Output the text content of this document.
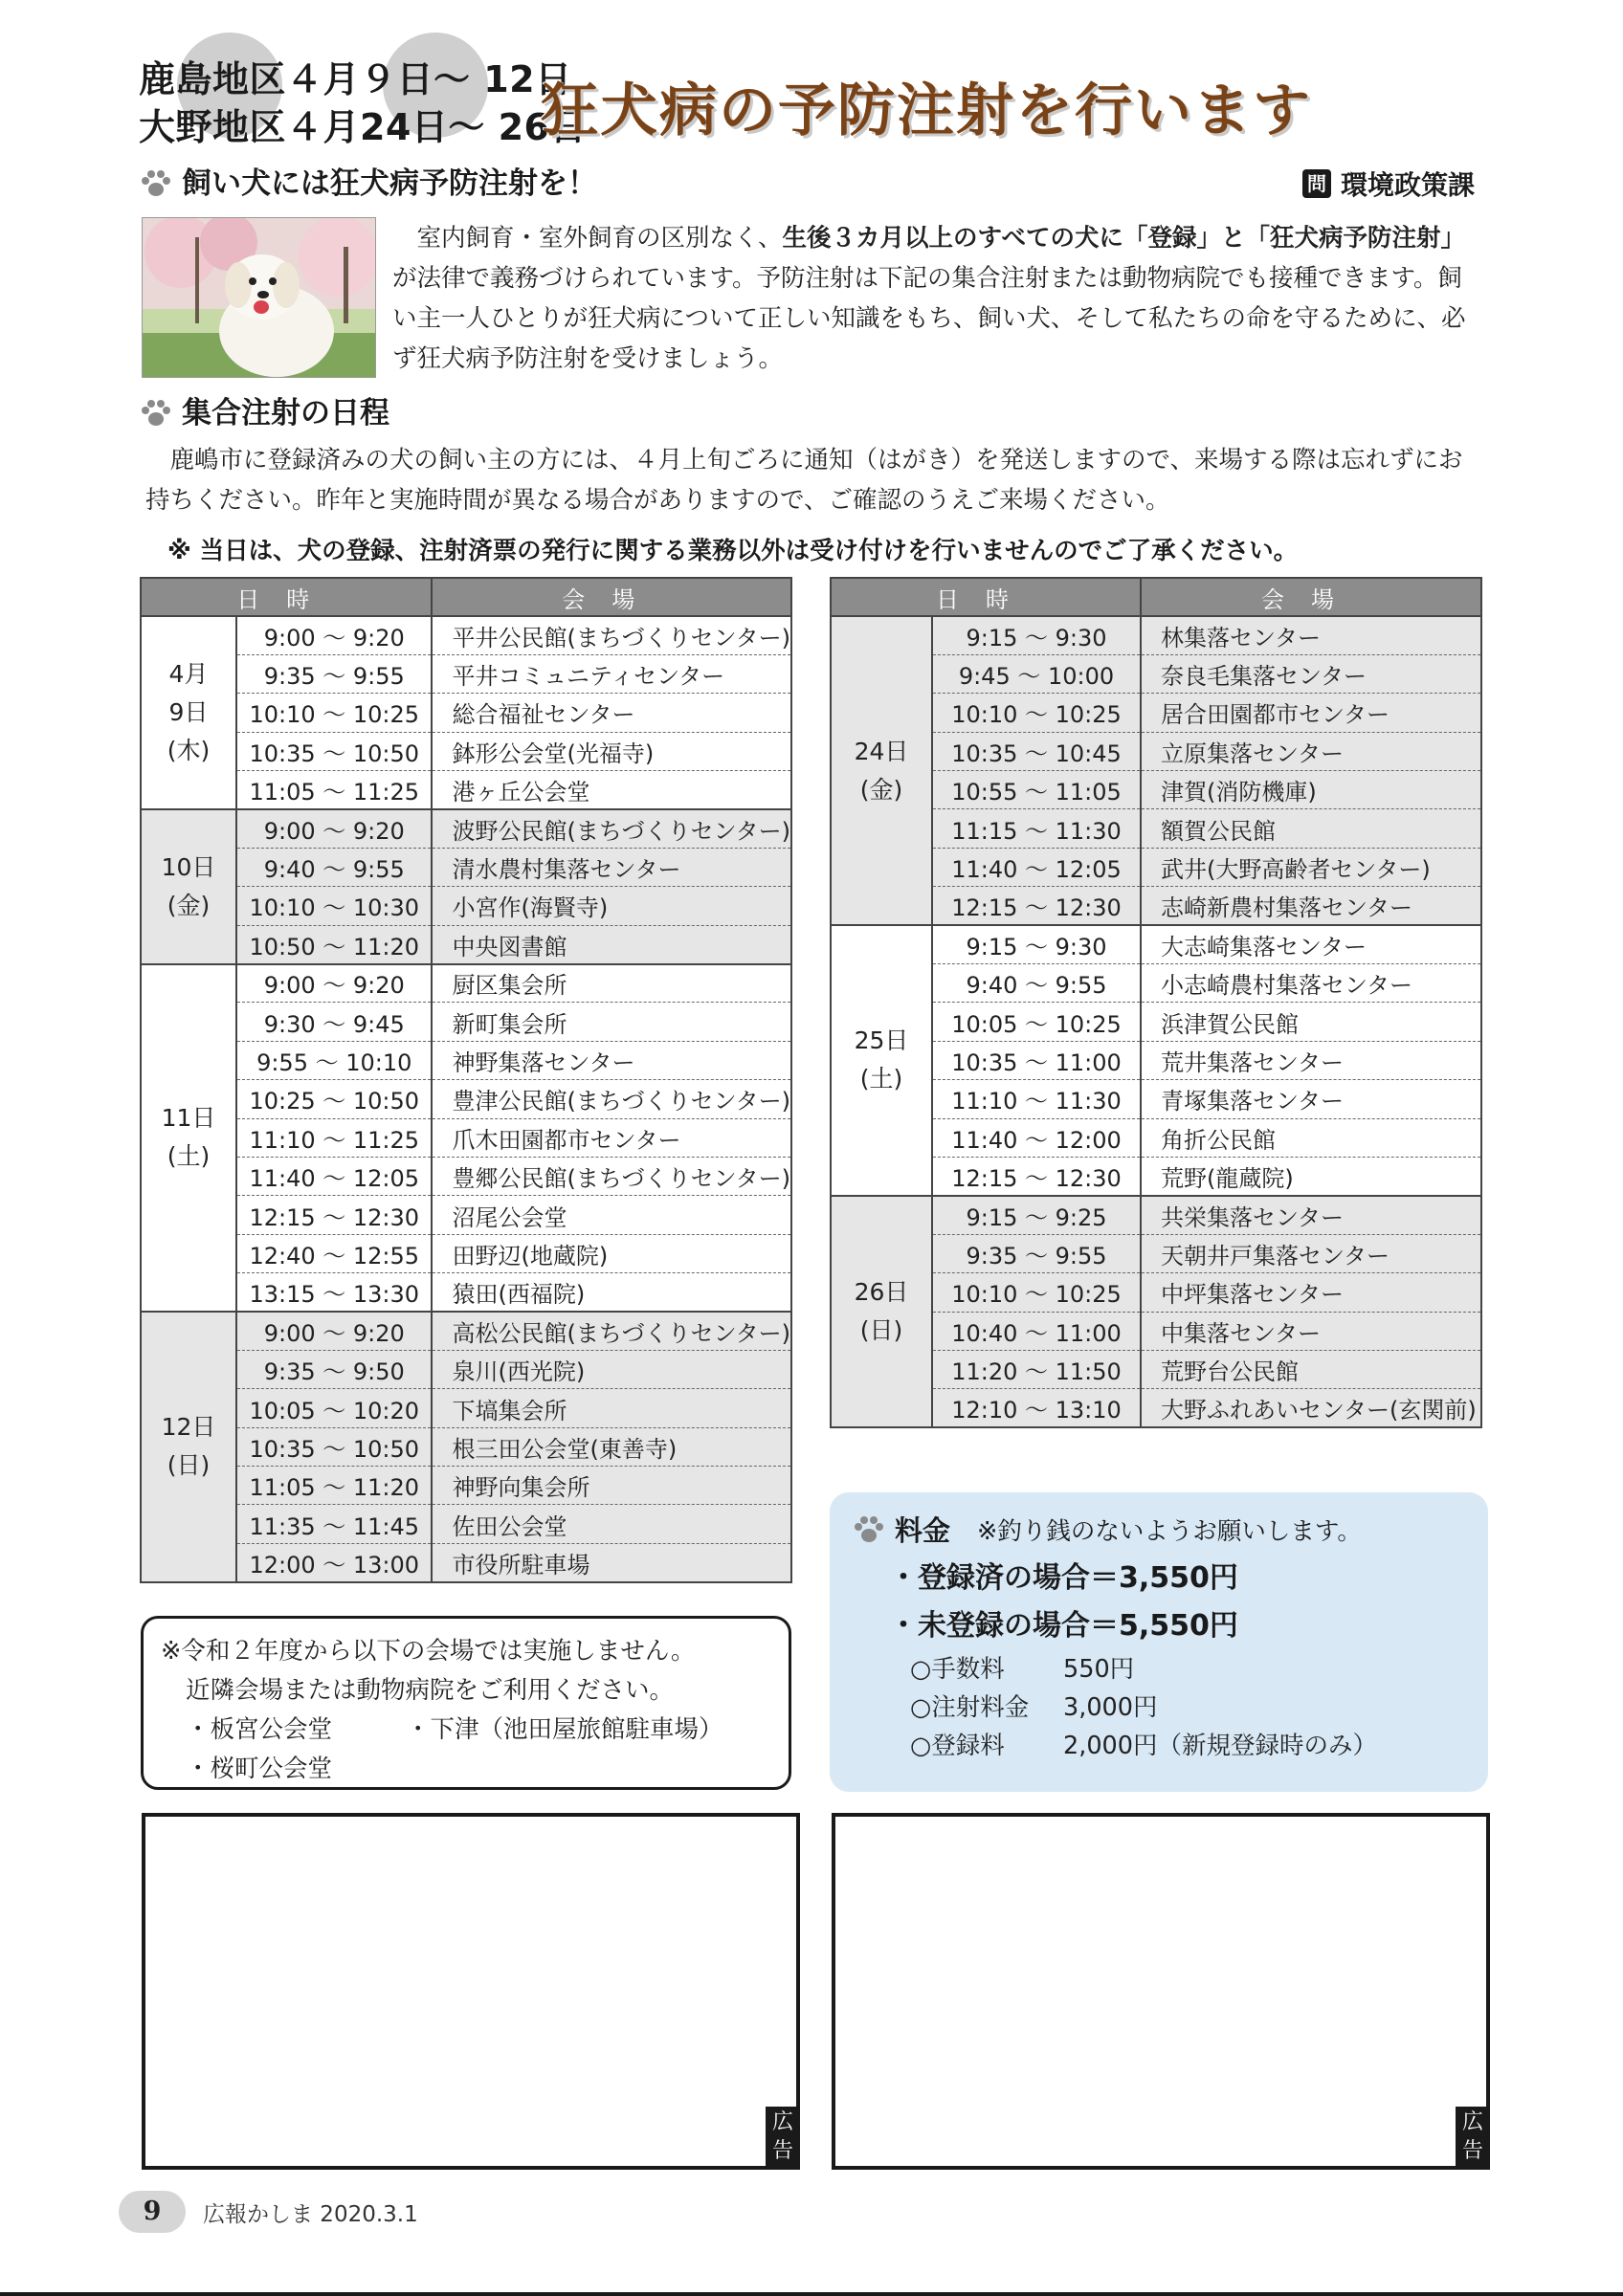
鹿島地区４月９日～ 12日
大野地区４月24日～ 26日
狂犬病の予防注射を行います
飼い犬には狂犬病予防注射を！	問 環境政策課
室内飼育・室外飼育の区別なく、生後３カ月以上のすべての犬に「登録」と「狂犬病予防注射」が法律で義務づけられています。予防注射は下記の集合注射または動物病院でも接種できます。飼い主一人ひとりが狂犬病について正しい知識をもち、飼い犬、そして私たちの命を守るために、必ず狂犬病予防注射を受けましょう。
集合注射の日程
鹿嶋市に登録済みの犬の飼い主の方には、４月上旬ごろに通知（はがき）を発送しますので、来場する際は忘れずにお持ちください。昨年と実施時間が異なる場合がありますので、ご確認のうえご来場ください。
※ 当日は、犬の登録、注射済票の発行に関する業務以外は受け付けを行いませんのでご了承ください。
日時		会場

4月
9日
(木)	9:00 ～ 9:20	平井公民館(まちづくりセンター)
	9:35 ～ 9:55	平井コミュニティセンター
	10:10 ～ 10:25	総合福祉センター
	10:35 ～ 10:50	鉢形公会堂(光福寺)
	11:05 ～ 11:25	港ヶ丘公会堂

10日
(金)	9:00 ～ 9:20	波野公民館(まちづくりセンター)
	9:40 ～ 9:55	清水農村集落センター
	10:10 ～ 10:30	小宮作(海賢寺)
	10:50 ～ 11:20	中央図書館

11日
(土)	9:00 ～ 9:20	厨区集会所
	9:30 ～ 9:45	新町集会所
	9:55 ～ 10:10	神野集落センター
	10:25 ～ 10:50	豊津公民館(まちづくりセンター)
	11:10 ～ 11:25	爪木田園都市センター
	11:40 ～ 12:05	豊郷公民館(まちづくりセンター)
	12:15 ～ 12:30	沼尾公会堂
	12:40 ～ 12:55	田野辺(地蔵院)
	13:15 ～ 13:30	猿田(西福院)

12日
(日)	9:00 ～ 9:20	高松公民館(まちづくりセンター)
	9:35 ～ 9:50	泉川(西光院)
	10:05 ～ 10:20	下塙集会所
	10:35 ～ 10:50	根三田公会堂(東善寺)
	11:05 ～ 11:20	神野向集会所
	11:35 ～ 11:45	佐田公会堂
	12:00 ～ 13:00	市役所駐車場
日時		会場

24日
(金)	9:15 ～ 9:30	林集落センター
	9:45 ～ 10:00	奈良毛集落センター
	10:10 ～ 10:25	居合田園都市センター
	10:35 ～ 10:45	立原集落センター
	10:55 ～ 11:05	津賀(消防機庫)
	11:15 ～ 11:30	額賀公民館
	11:40 ～ 12:05	武井(大野高齢者センター)
	12:15 ～ 12:30	志崎新農村集落センター

25日
(土)	9:15 ～ 9:30	大志崎集落センター
	9:40 ～ 9:55	小志崎農村集落センター
	10:05 ～ 10:25	浜津賀公民館
	10:35 ～ 11:00	荒井集落センター
	11:10 ～ 11:30	青塚集落センター
	11:40 ～ 12:00	角折公民館
	12:15 ～ 12:30	荒野(龍蔵院)

26日
(日)	9:15 ～ 9:25	共栄集落センター
	9:35 ～ 9:55	天朝井戸集落センター
	10:10 ～ 10:25	中坪集落センター
	10:40 ～ 11:00	中集落センター
	11:20 ～ 11:50	荒野台公民館
	12:10 ～ 13:10	大野ふれあいセンター(玄関前)
料金 ※釣り銭のないようお願いします。
・登録済の場合＝3,550円
・未登録の場合＝5,550円
○手数料 550円
○注射料金 3,000円
○登録料 2,000円（新規登録時のみ）
※令和２年度から以下の会場では実施しません。
近隣会場または動物病院をご利用ください。
・板宮公会堂	・下津（池田屋旅館駐車場）
・桜町公会堂
広告
広告
9	広報かしま 2020.3.1
